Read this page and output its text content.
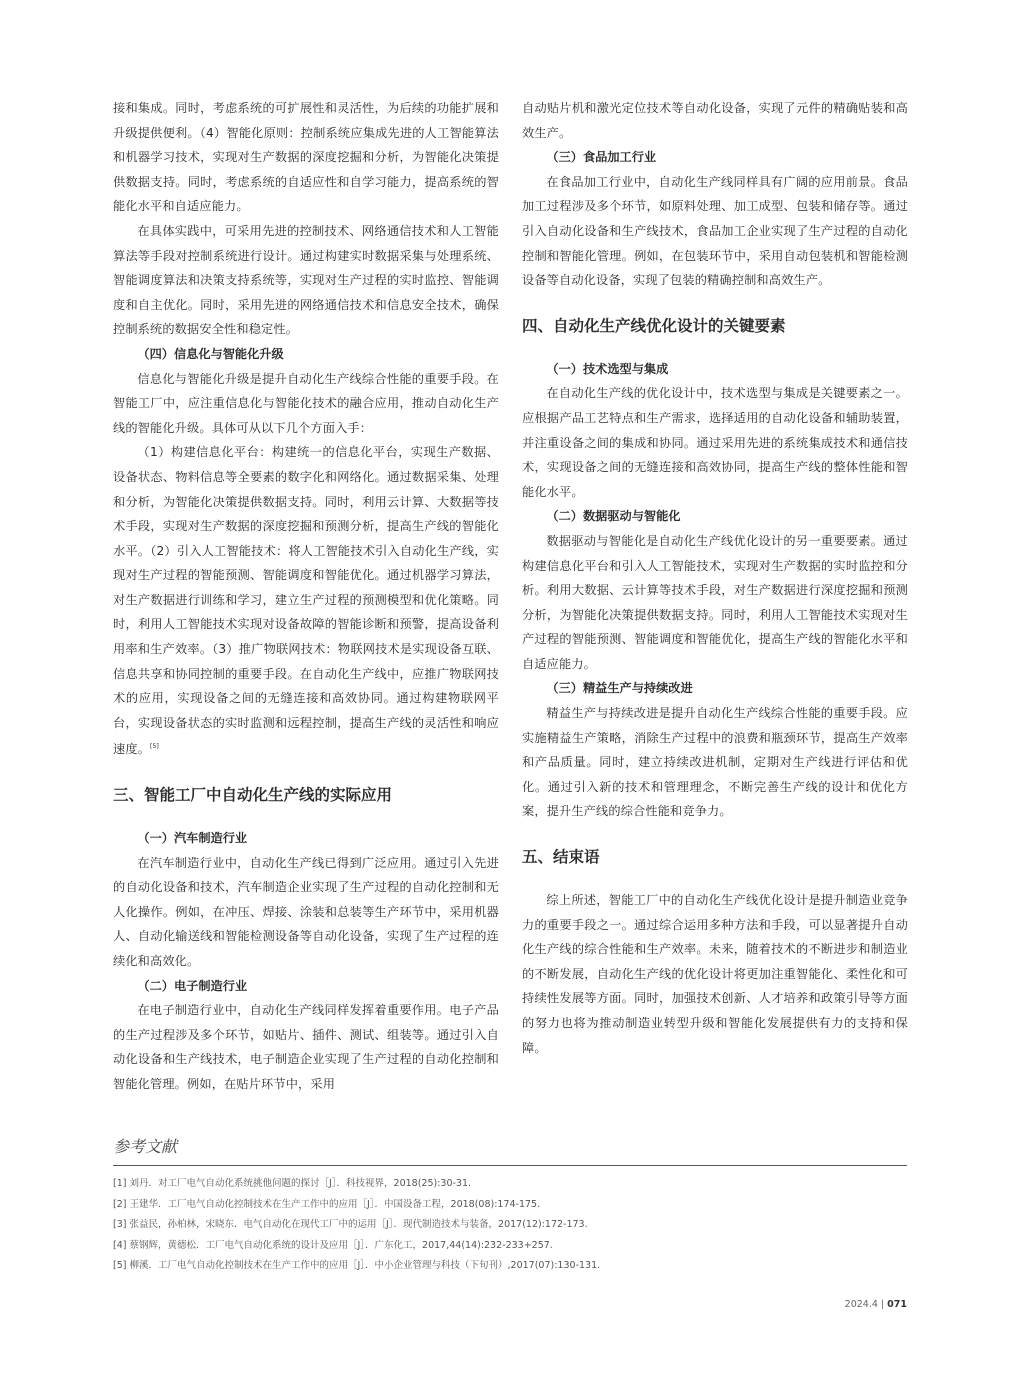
接和集成。同时，考虑系统的可扩展性和灵活性，为后续的功能扩展和升级提供便利。（4）智能化原则：控制系统应集成先进的人工智能算法和机器学习技术，实现对生产数据的深度挖掘和分析，为智能化决策提供数据支持。同时，考虑系统的自适应性和自学习能力，提高系统的智能化水平和自适应能力。

在具体实践中，可采用先进的控制技术、网络通信技术和人工智能算法等手段对控制系统进行设计。通过构建实时数据采集与处理系统、智能调度算法和决策支持系统等，实现对生产过程的实时监控、智能调度和自主优化。同时，采用先进的网络通信技术和信息安全技术，确保控制系统的数据安全性和稳定性。

（四）信息化与智能化升级

信息化与智能化升级是提升自动化生产线综合性能的重要手段。在智能工厂中，应注重信息化与智能化技术的融合应用，推动自动化生产线的智能化升级。具体可从以下几个方面入手：

（1）构建信息化平台：构建统一的信息化平台，实现生产数据、设备状态、物料信息等全要素的数字化和网络化。通过数据采集、处理和分析，为智能化决策提供数据支持。同时，利用云计算、大数据等技术手段，实现对生产数据的深度挖掘和预测分析，提高生产线的智能化水平。（2）引入人工智能技术：将人工智能技术引入自动化生产线，实现对生产过程的智能预测、智能调度和智能优化。通过机器学习算法，对生产数据进行训练和学习，建立生产过程的预测模型和优化策略。同时，利用人工智能技术实现对设备故障的智能诊断和预警，提高设备利用率和生产效率。（3）推广物联网技术：物联网技术是实现设备互联、信息共享和协同控制的重要手段。在自动化生产线中，应推广物联网技术的应用，实现设备之间的无缝连接和高效协同。通过构建物联网平台，实现设备状态的实时监测和远程控制，提高生产线的灵活性和响应速度。[5]

三、智能工厂中自动化生产线的实际应用
（一）汽车制造行业

在汽车制造行业中，自动化生产线已得到广泛应用。通过引入先进的自动化设备和技术，汽车制造企业实现了生产过程的自动化控制和无人化操作。例如，在冲压、焊接、涂装和总装等生产环节中，采用机器人、自动化输送线和智能检测设备等自动化设备，实现了生产过程的连续化和高效化。

（二）电子制造行业

在电子制造行业中，自动化生产线同样发挥着重要作用。电子产品的生产过程涉及多个环节，如贴片、插件、测试、组装等。通过引入自动化设备和生产线技术，电子制造企业实现了生产过程的自动化控制和智能化管理。例如，在贴片环节中，采用

自动贴片机和激光定位技术等自动化设备，实现了元件的精确贴装和高效生产。

（三）食品加工行业

在食品加工行业中，自动化生产线同样具有广阔的应用前景。食品加工过程涉及多个环节，如原料处理、加工成型、包装和储存等。通过引入自动化设备和生产线技术，食品加工企业实现了生产过程的自动化控制和智能化管理。例如，在包装环节中，采用自动包装机和智能检测设备等自动化设备，实现了包装的精确控制和高效生产。

四、自动化生产线优化设计的关键要素
（一）技术选型与集成

在自动化生产线的优化设计中，技术选型与集成是关键要素之一。应根据产品工艺特点和生产需求，选择适用的自动化设备和辅助装置，并注重设备之间的集成和协同。通过采用先进的系统集成技术和通信技术，实现设备之间的无缝连接和高效协同，提高生产线的整体性能和智能化水平。

（二）数据驱动与智能化

数据驱动与智能化是自动化生产线优化设计的另一重要要素。通过构建信息化平台和引入人工智能技术，实现对生产数据的实时监控和分析。利用大数据、云计算等技术手段，对生产数据进行深度挖掘和预测分析，为智能化决策提供数据支持。同时，利用人工智能技术实现对生产过程的智能预测、智能调度和智能优化，提高生产线的智能化水平和自适应能力。

（三）精益生产与持续改进

精益生产与持续改进是提升自动化生产线综合性能的重要手段。应实施精益生产策略，消除生产过程中的浪费和瓶颈环节，提高生产效率和产品质量。同时，建立持续改进机制，定期对生产线进行评估和优化。通过引入新的技术和管理理念，不断完善生产线的设计和优化方案，提升生产线的综合性能和竞争力。

五、结束语

综上所述，智能工厂中的自动化生产线优化设计是提升制造业竞争力的重要手段之一。通过综合运用多种方法和手段，可以显著提升自动化生产线的综合性能和生产效率。未来，随着技术的不断进步和制造业的不断发展，自动化生产线的优化设计将更加注重智能化、柔性化和可持续性发展等方面。同时，加强技术创新、人才培养和政策引导等方面的努力也将为推动制造业转型升级和智能化发展提供有力的支持和保障。

参考文献
[1] 刘丹．对工厂电气自动化系统挑他问题的探讨［J］．科技视界，2018(25):30-31.
[2] 王建华．工厂电气自动化控制技术在生产工作中的应用［J］．中国设备工程，2018(08):174-175.
[3] 张益民，孙柏林，宋晓东．电气自动化在现代工厂中的运用［J］．现代制造技术与装备，2017(12):172-173.
[4] 蔡钢辉，黄德松．工厂电气自动化系统的设计及应用［J］．广东化工，2017,44(14):232-233+257.
[5] 柳溪．工厂电气自动化控制技术在生产工作中的应用［J］．中小企业管理与科技（下旬刊）,2017(07):130-131.
2024.4 | 071
